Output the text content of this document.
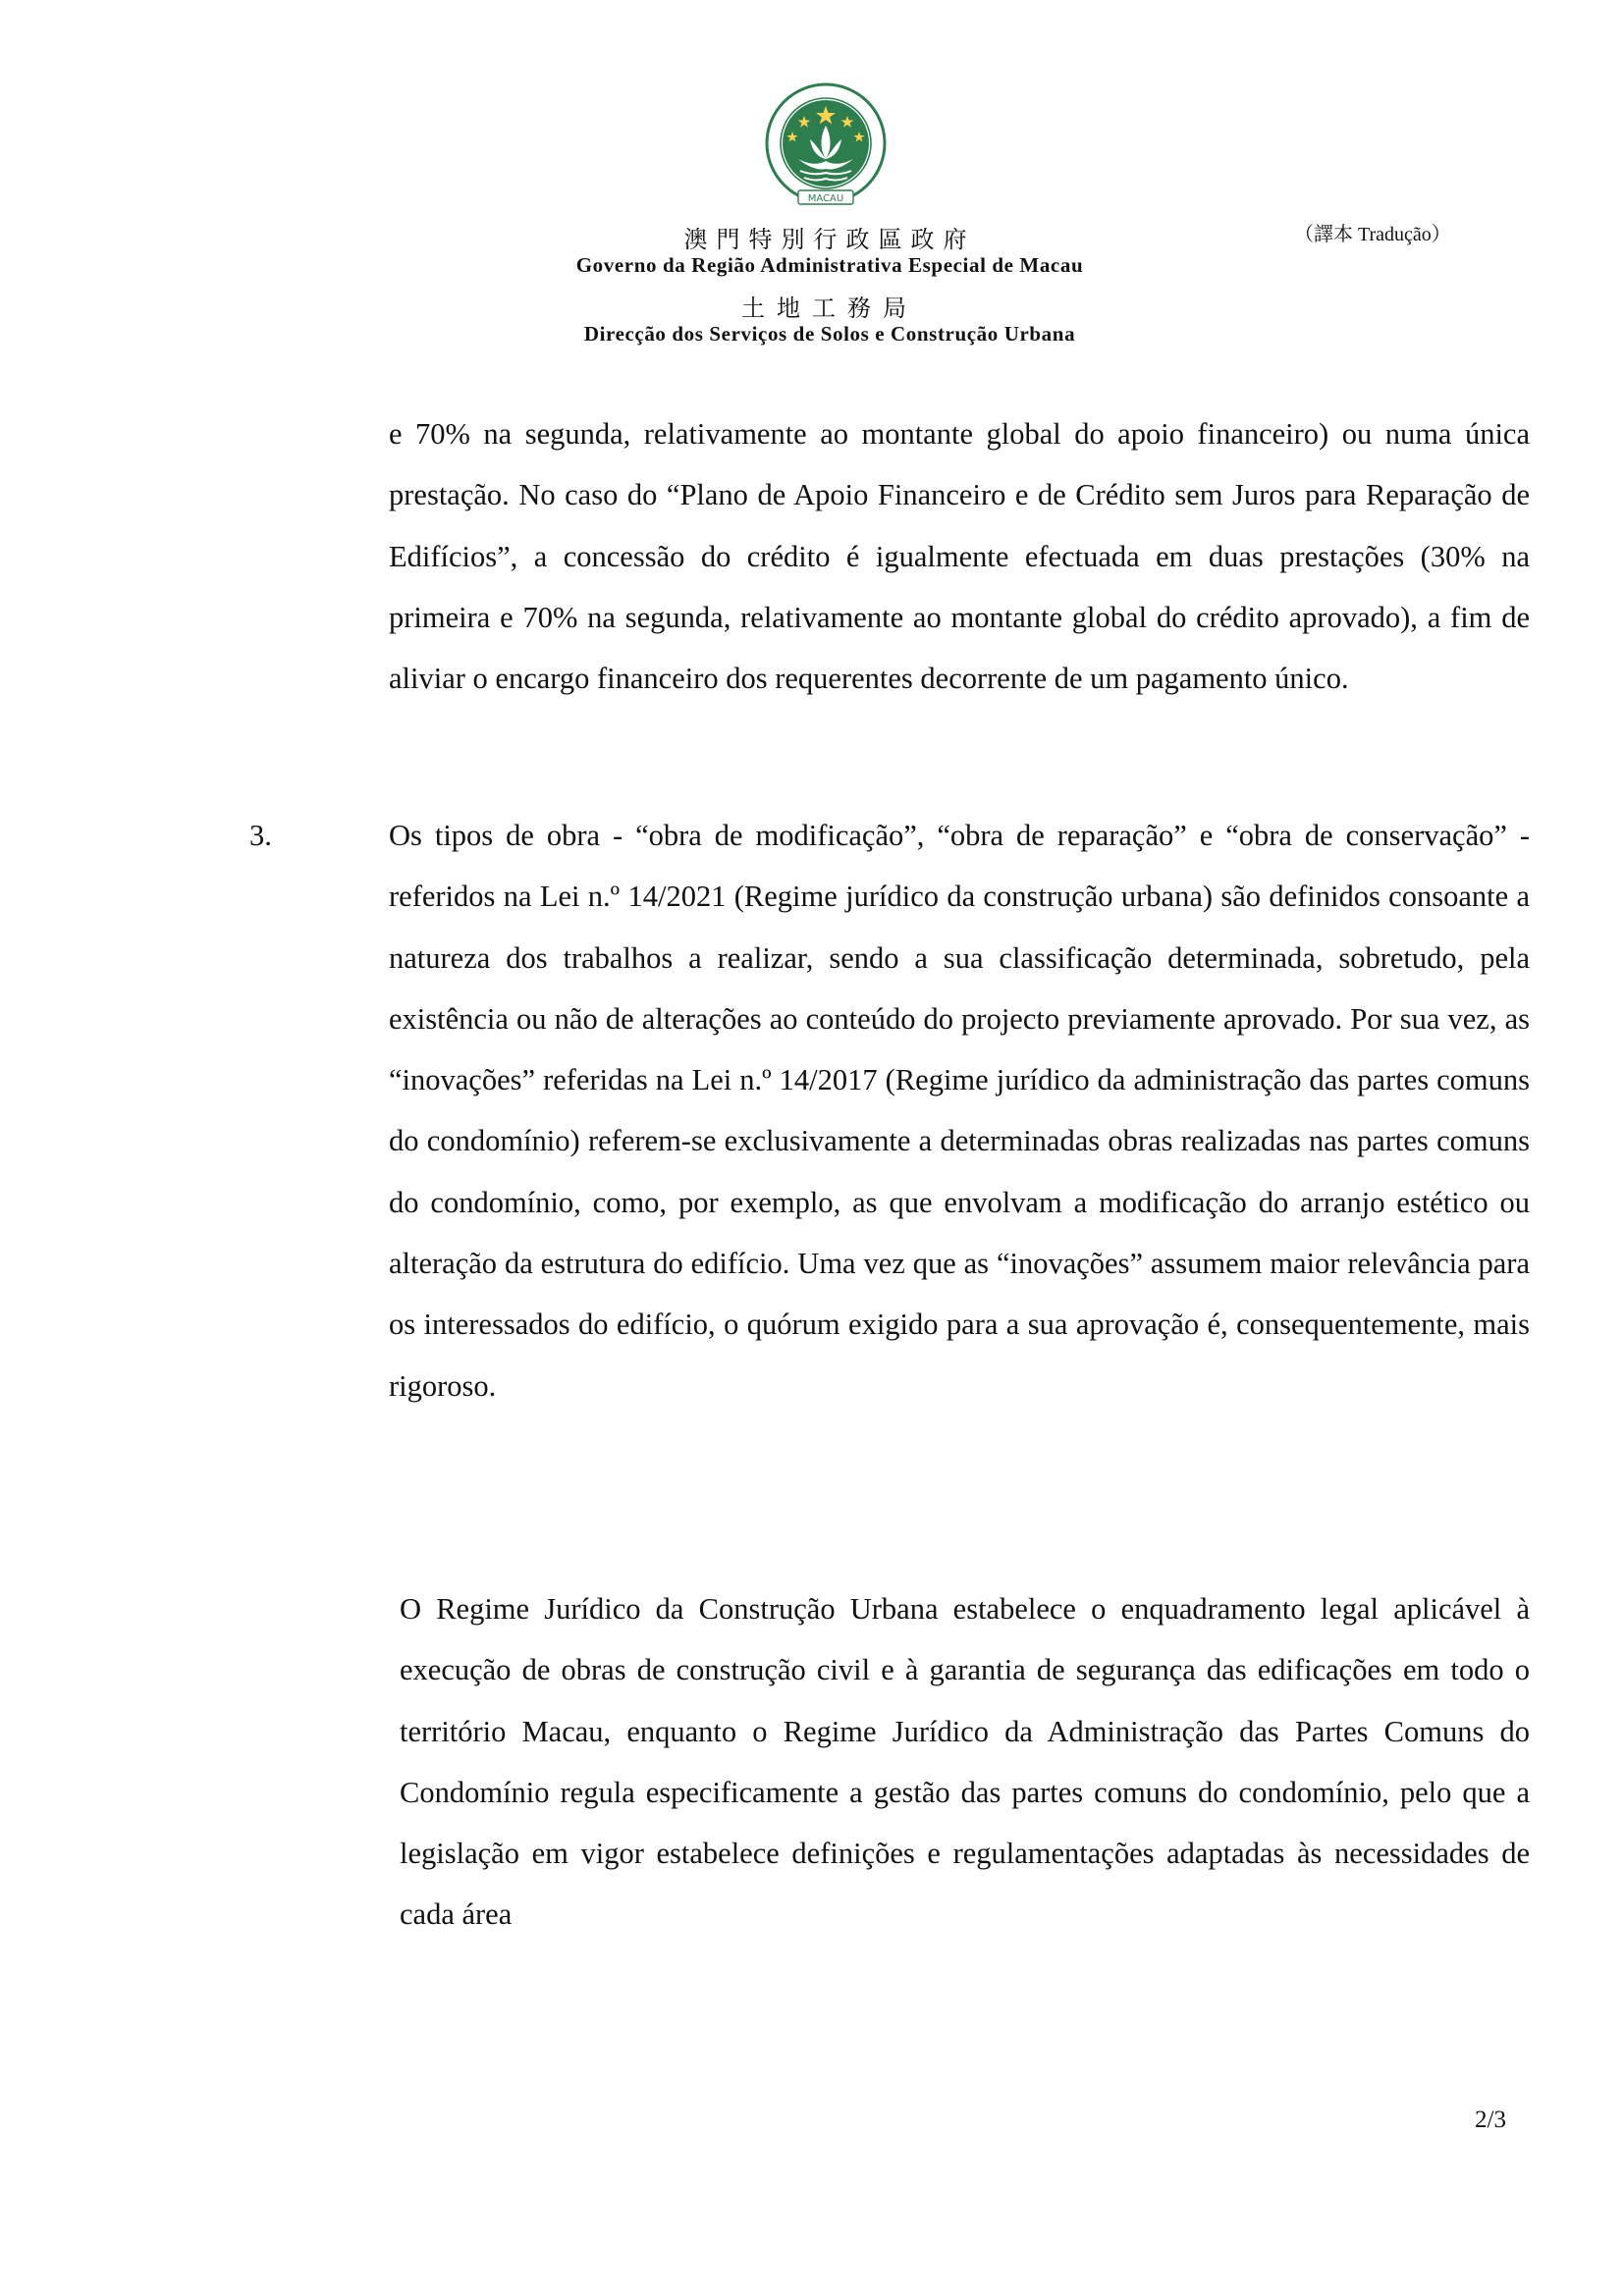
MACAU
澳門特別行政區政府
Governo da Região Administrativa Especial de Macau
土地工務局
Direcção dos Serviços de Solos e Construção Urbana
（譯本 Tradução）

e 70% na segunda, relativamente ao montante global do apoio financeiro) ou numa única prestação. No caso do “Plano de Apoio Financeiro e de Crédito sem Juros para Reparação de Edifícios”, a concessão do crédito é igualmente efectuada em duas prestações (30% na primeira e 70% na segunda, relativamente ao montante global do crédito aprovado), a fim de aliviar o encargo financeiro dos requerentes decorrente de um pagamento único.

3.	Os tipos de obra - “obra de modificação”, “obra de reparação” e “obra de conservação” - referidos na Lei n.º 14/2021 (Regime jurídico da construção urbana) são definidos consoante a natureza dos trabalhos a realizar, sendo a sua classificação determinada, sobretudo, pela existência ou não de alterações ao conteúdo do projecto previamente aprovado. Por sua vez, as “inovações” referidas na Lei n.º 14/2017 (Regime jurídico da administração das partes comuns do condomínio) referem-se exclusivamente a determinadas obras realizadas nas partes comuns do condomínio, como, por exemplo, as que envolvam a modificação do arranjo estético ou alteração da estrutura do edifício. Uma vez que as “inovações” assumem maior relevância para os interessados do edifício, o quórum exigido para a sua aprovação é, consequentemente, mais rigoroso.

O Regime Jurídico da Construção Urbana estabelece o enquadramento legal aplicável à execução de obras de construção civil e à garantia de segurança das edificações em todo o território Macau, enquanto o Regime Jurídico da Administração das Partes Comuns do Condomínio regula especificamente a gestão das partes comuns do condomínio, pelo que a legislação em vigor estabelece definições e regulamentações adaptadas às necessidades de cada área

2/3
